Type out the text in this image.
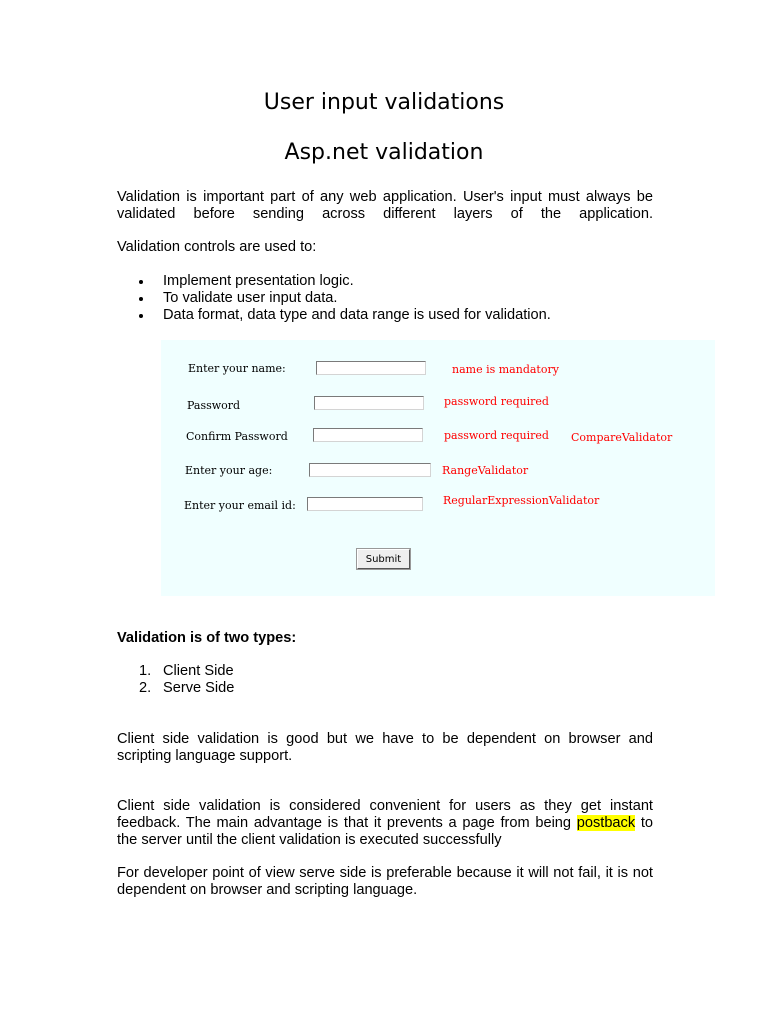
User input validations
Asp.net validation

Validation is important part of any web application. User's input must always be validated before sending across different layers of the application.

Validation controls are used to:

Implement presentation logic.
To validate user input data.
Data format, data type and data range is used for validation.
Enter your name:	name is mandatory
Password	password required
Confirm Password	password required CompareValidator
Enter your age:	RangeValidator
Enter your email id:	RegularExpressionValidator
Submit

Validation is of two types:

1. Client Side
2. Serve Side

Client side validation is good but we have to be dependent on browser and scripting language support.

Client side validation is considered convenient for users as they get instant feedback. The main advantage is that it prevents a page from being postback to the server until the client validation is executed successfully

For developer point of view serve side is preferable because it will not fail, it is not dependent on browser and scripting language.
